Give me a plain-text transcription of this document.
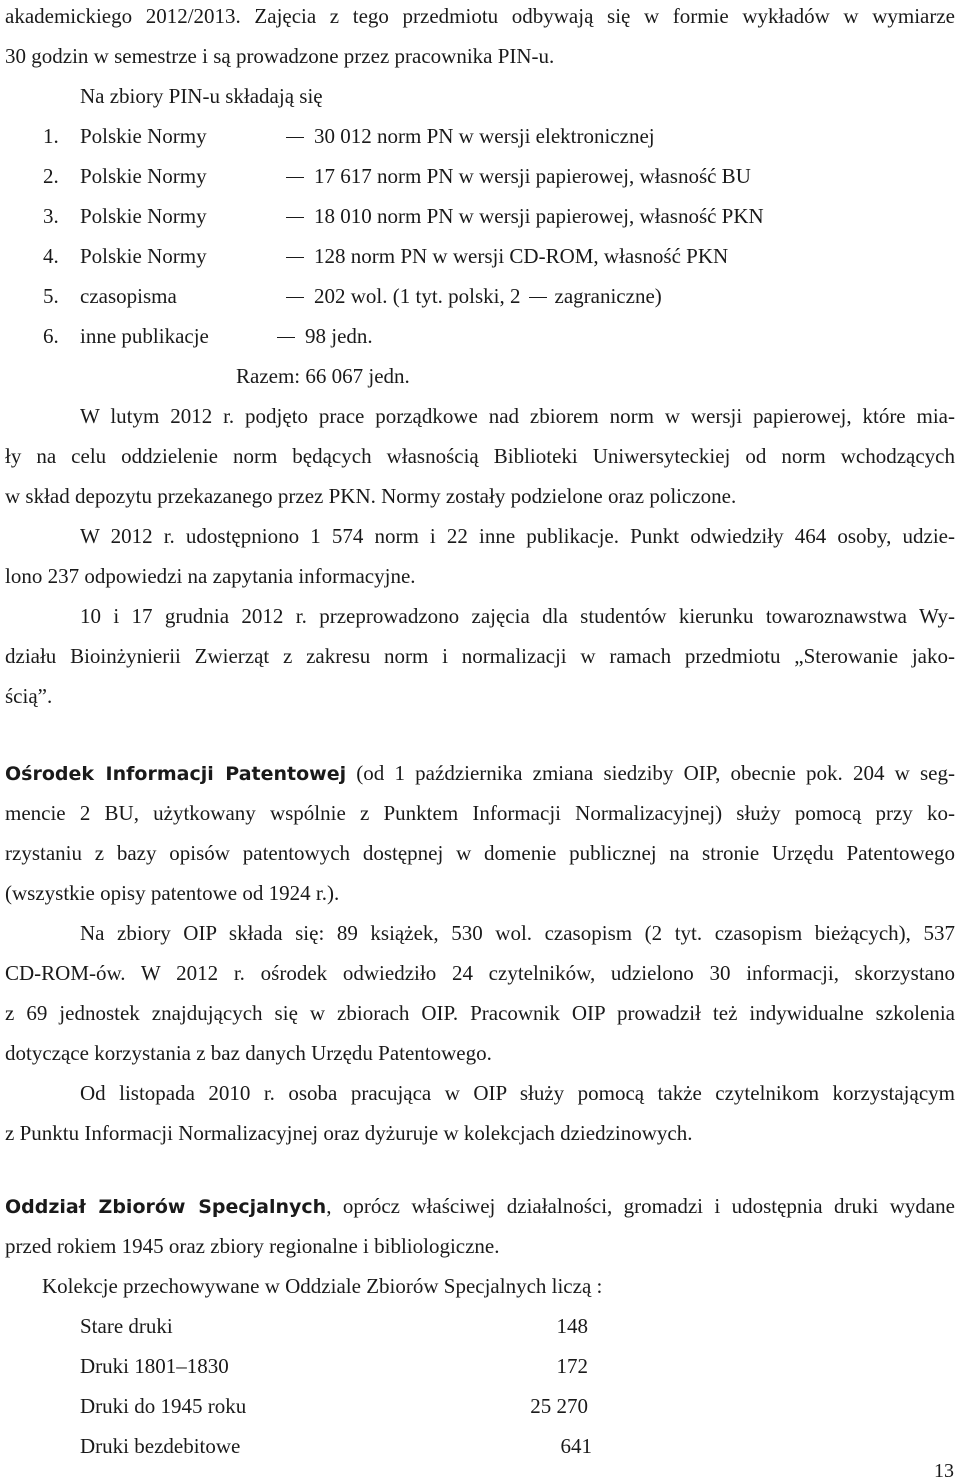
akademickiego 2012/2013. Zajęcia z tego przedmiotu odbywają się w formie wykładów w wymiarze
30 godzin w semestrze i są prowadzone przez pracownika PIN-u.
Na zbiory PIN-u składają się
1. Polskie Normy	30 012 norm PN w wersji elektronicznej
2. Polskie Normy	17 617 norm PN w wersji papierowej, własność BU
3. Polskie Normy	18 010 norm PN w wersji papierowej, własność PKN
4. Polskie Normy	128 norm PN w wersji CD-ROM, własność PKN
5. czasopisma	202 wol. (1 tyt. polski, 2 zagraniczne)
6. inne publikacje	98 jedn.
Razem: 66 067 jedn.
W lutym 2012 r. podjęto prace porządkowe nad zbiorem norm w wersji papierowej, które mia-
ły na celu oddzielenie norm będących własnością Biblioteki Uniwersyteckiej od norm wchodzących
w skład depozytu przekazanego przez PKN. Normy zostały podzielone oraz policzone.
W 2012 r. udostępniono 1 574 norm i 22 inne publikacje. Punkt odwiedziły 464 osoby, udzie-
lono 237 odpowiedzi na zapytania informacyjne.
10 i 17 grudnia 2012 r. przeprowadzono zajęcia dla studentów kierunku towaroznawstwa Wy-
działu Bioinżynierii Zwierząt z zakresu norm i normalizacji w ramach przedmiotu „Sterowanie jako-
ścią”.
Ośrodek Informacji Patentowej (od 1 października zmiana siedziby OIP, obecnie pok. 204 w seg-
mencie 2 BU, użytkowany wspólnie z Punktem Informacji Normalizacyjnej) służy pomocą przy ko-
rzystaniu z bazy opisów patentowych dostępnej w domenie publicznej na stronie Urzędu Patentowego
(wszystkie opisy patentowe od 1924 r.).
Na zbiory OIP składa się: 89 książek, 530 wol. czasopism (2 tyt. czasopism bieżących), 537
CD-ROM-ów. W 2012 r. ośrodek odwiedziło 24 czytelników, udzielono 30 informacji, skorzystano
z 69 jednostek znajdujących się w zbiorach OIP. Pracownik OIP prowadził też indywidualne szkolenia
dotyczące korzystania z baz danych Urzędu Patentowego.
Od listopada 2010 r. osoba pracująca w OIP służy pomocą także czytelnikom korzystającym
z Punktu Informacji Normalizacyjnej oraz dyżuruje w kolekcjach dziedzinowych.
Oddział Zbiorów Specjalnych, oprócz właściwej działalności, gromadzi i udostępnia druki wydane
przed rokiem 1945 oraz zbiory regionalne i bibliologiczne.
Kolekcje przechowywane w Oddziale Zbiorów Specjalnych liczą :
Stare druki	148
Druki 1801–1830	172
Druki do 1945 roku	25 270
Druki bezdebitowe	641
13
